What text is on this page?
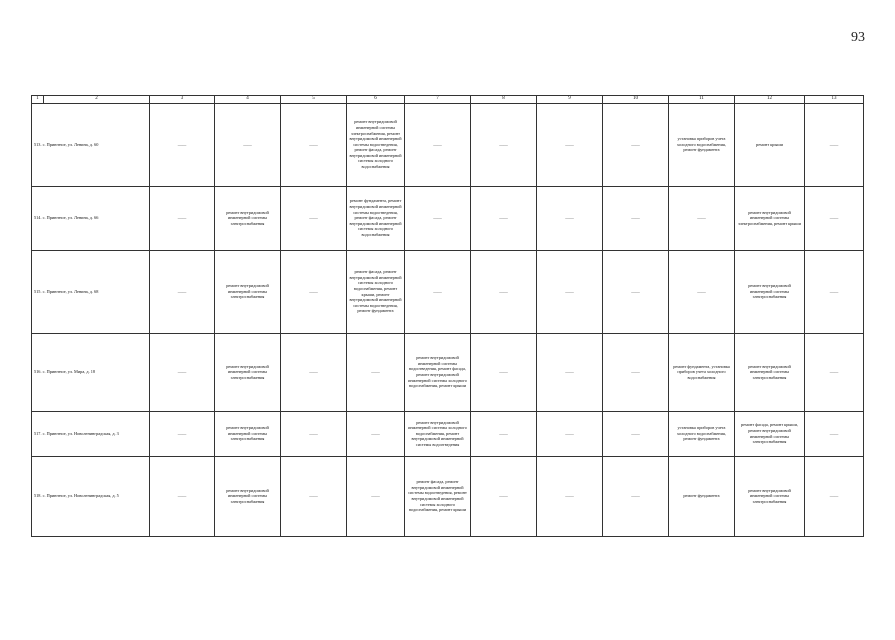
93
1	2	3	4	5	6	7	8	9	10	11	12	13
513. с. Приютное, ул. Ленина, д. 60		——	——	——	ремонт внутридомовой инженерной системы электроснабжения, ремонт внутридомовой инженерной системы водоотведения, ремонт фасада, ремонт внутридомовой инженерной системы холодного водоснабжения	——	——	——	——	установка приборов учета холодного водоснабжения, ремонт фундамента	ремонт крыши	——
514. с. Приютное, ул. Ленина, д. 66		——	ремонт внутридомовой инженерной системы электроснабжения	——	ремонт фундамента, ремонт внутридомовой инженерной системы водоотведения, ремонт фасада, ремонт внутридомовой инженерной системы холодного водоснабжения	——	——	——	——	——	ремонт внутридомовой инженерной системы электроснабжения, ремонт крыши	——
515. с. Приютное, ул. Ленина, д. 68		——	ремонт внутридомовой инженерной системы электроснабжения	——	ремонт фасада, ремонт внутридомовой инженерной системы холодного водоснабжения, ремонт крыши, ремонт внутридомовой инженерной системы водоотведения, ремонт фундамента	——	——	——	——	——	ремонт внутридомовой инженерной системы электроснабжения	——
516. с. Приютное, ул. Мира, д. 18		——	ремонт внутридомовой инженерной системы электроснабжения	——	——	ремонт внутридомовой инженерной системы водоотведения, ремонт фасада, ремонт внутридомовой инженерной системы холодного водоснабжения, ремонт крыши	——	——	——	ремонт фундамента, установка приборов учета холодного водоснабжения	ремонт внутридомовой инженерной системы электроснабжения	——
517. с. Приютное, ул. Новоленинградская, д. 3		——	ремонт внутридомовой инженерной системы электроснабжения	——	——	ремонт внутридомовой инженерной системы холодного водоснабжения, ремонт внутридомовой инженерной системы водоотведения	——	——	——	установка приборов учета холодного водоснабжения, ремонт фундамента	ремонт фасада, ремонт крыши, ремонт внутридомовой инженерной системы электроснабжения	——
518. с. Приютное, ул. Новоленинградская, д. 5		——	ремонт внутридомовой инженерной системы электроснабжения	——	——	ремонт фасада, ремонт внутридомовой инженерной системы водоотведения, ремонт внутридомовой инженерной системы холодного водоснабжения, ремонт крыши	——	——	——	ремонт фундамента	ремонт внутридомовой инженерной системы электроснабжения	——
